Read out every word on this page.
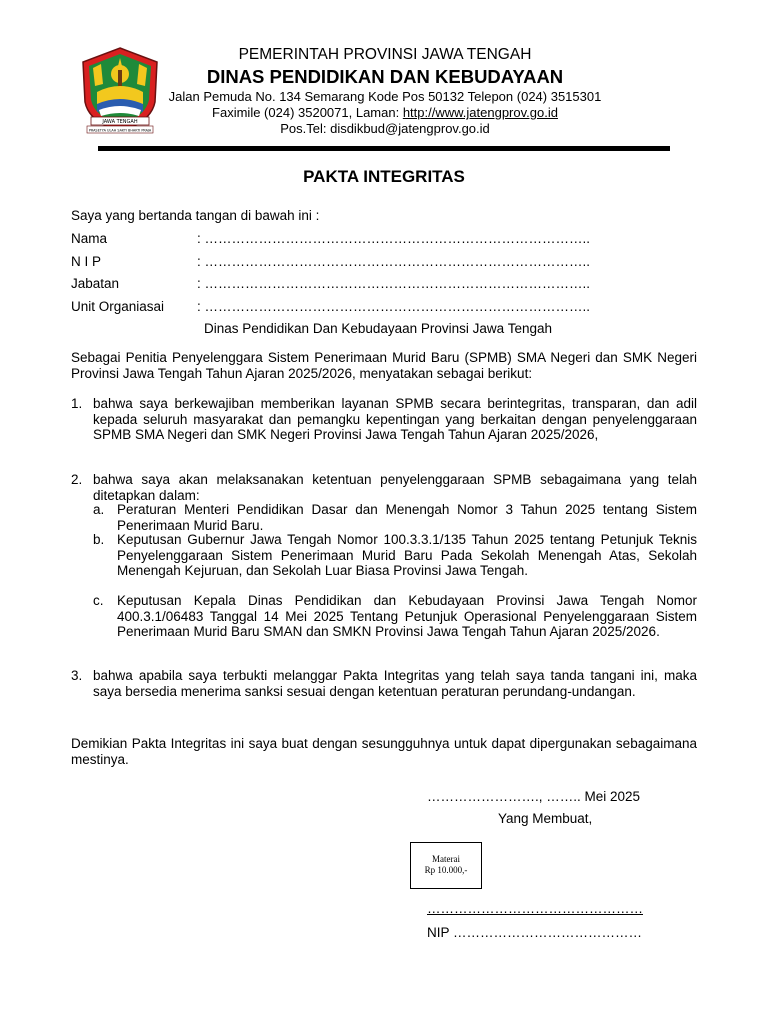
JAWA TENGAH
PRASETYA ULAH SAKTI BHAKTI PRAJA
PEMERINTAH PROVINSI JAWA TENGAH
DINAS PENDIDIKAN DAN KEBUDAYAAN
Jalan Pemuda No. 134 Semarang Kode Pos 50132 Telepon (024) 3515301
Faximile (024) 3520071, Laman: http://www.jatengprov.go.id
Pos.Tel: disdikbud@jatengprov.go.id
PAKTA INTEGRITAS
Saya yang bertanda tangan di bawah ini :
Nama	: …………………………………………………………………………..
N I P	: …………………………………………………………………………..
Jabatan	: …………………………………………………………………………..
Unit Organiasai : …………………………………………………………………………..
Dinas Pendidikan Dan Kebudayaan Provinsi Jawa Tengah
Sebagai Penitia Penyelenggara Sistem Penerimaan Murid Baru (SPMB) SMA Negeri dan SMK Negeri Provinsi Jawa Tengah Tahun Ajaran 2025/2026, menyatakan sebagai berikut:
1. bahwa saya berkewajiban memberikan layanan SPMB secara berintegritas, transparan, dan adil kepada seluruh masyarakat dan pemangku kepentingan yang berkaitan dengan penyelenggaraan SPMB SMA Negeri dan SMK Negeri Provinsi Jawa Tengah Tahun Ajaran 2025/2026,
2. bahwa saya akan melaksanakan ketentuan penyelenggaraan SPMB sebagaimana yang telah ditetapkan dalam:
a. Peraturan Menteri Pendidikan Dasar dan Menengah Nomor 3 Tahun 2025 tentang Sistem Penerimaan Murid Baru.
b. Keputusan Gubernur Jawa Tengah Nomor 100.3.3.1/135 Tahun 2025 tentang Petunjuk Teknis Penyelenggaraan Sistem Penerimaan Murid Baru Pada Sekolah Menengah Atas, Sekolah Menengah Kejuruan, dan Sekolah Luar Biasa Provinsi Jawa Tengah.
c. Keputusan Kepala Dinas Pendidikan dan Kebudayaan Provinsi Jawa Tengah Nomor 400.3.1/06483 Tanggal 14 Mei 2025 Tentang Petunjuk Operasional Penyelenggaraan Sistem Penerimaan Murid Baru SMAN dan SMKN Provinsi Jawa Tengah Tahun Ajaran 2025/2026.
3. bahwa apabila saya terbukti melanggar Pakta Integritas yang telah saya tanda tangani ini, maka saya bersedia menerima sanksi sesuai dengan ketentuan peraturan perundang-undangan.
Demikian Pakta Integritas ini saya buat dengan sesungguhnya untuk dapat dipergunakan sebagaimana mestinya.
……………………., …….. Mei 2025
Yang Membuat,
Materai
Rp 10.000,-
…………………………………………
NIP ……………………………………
